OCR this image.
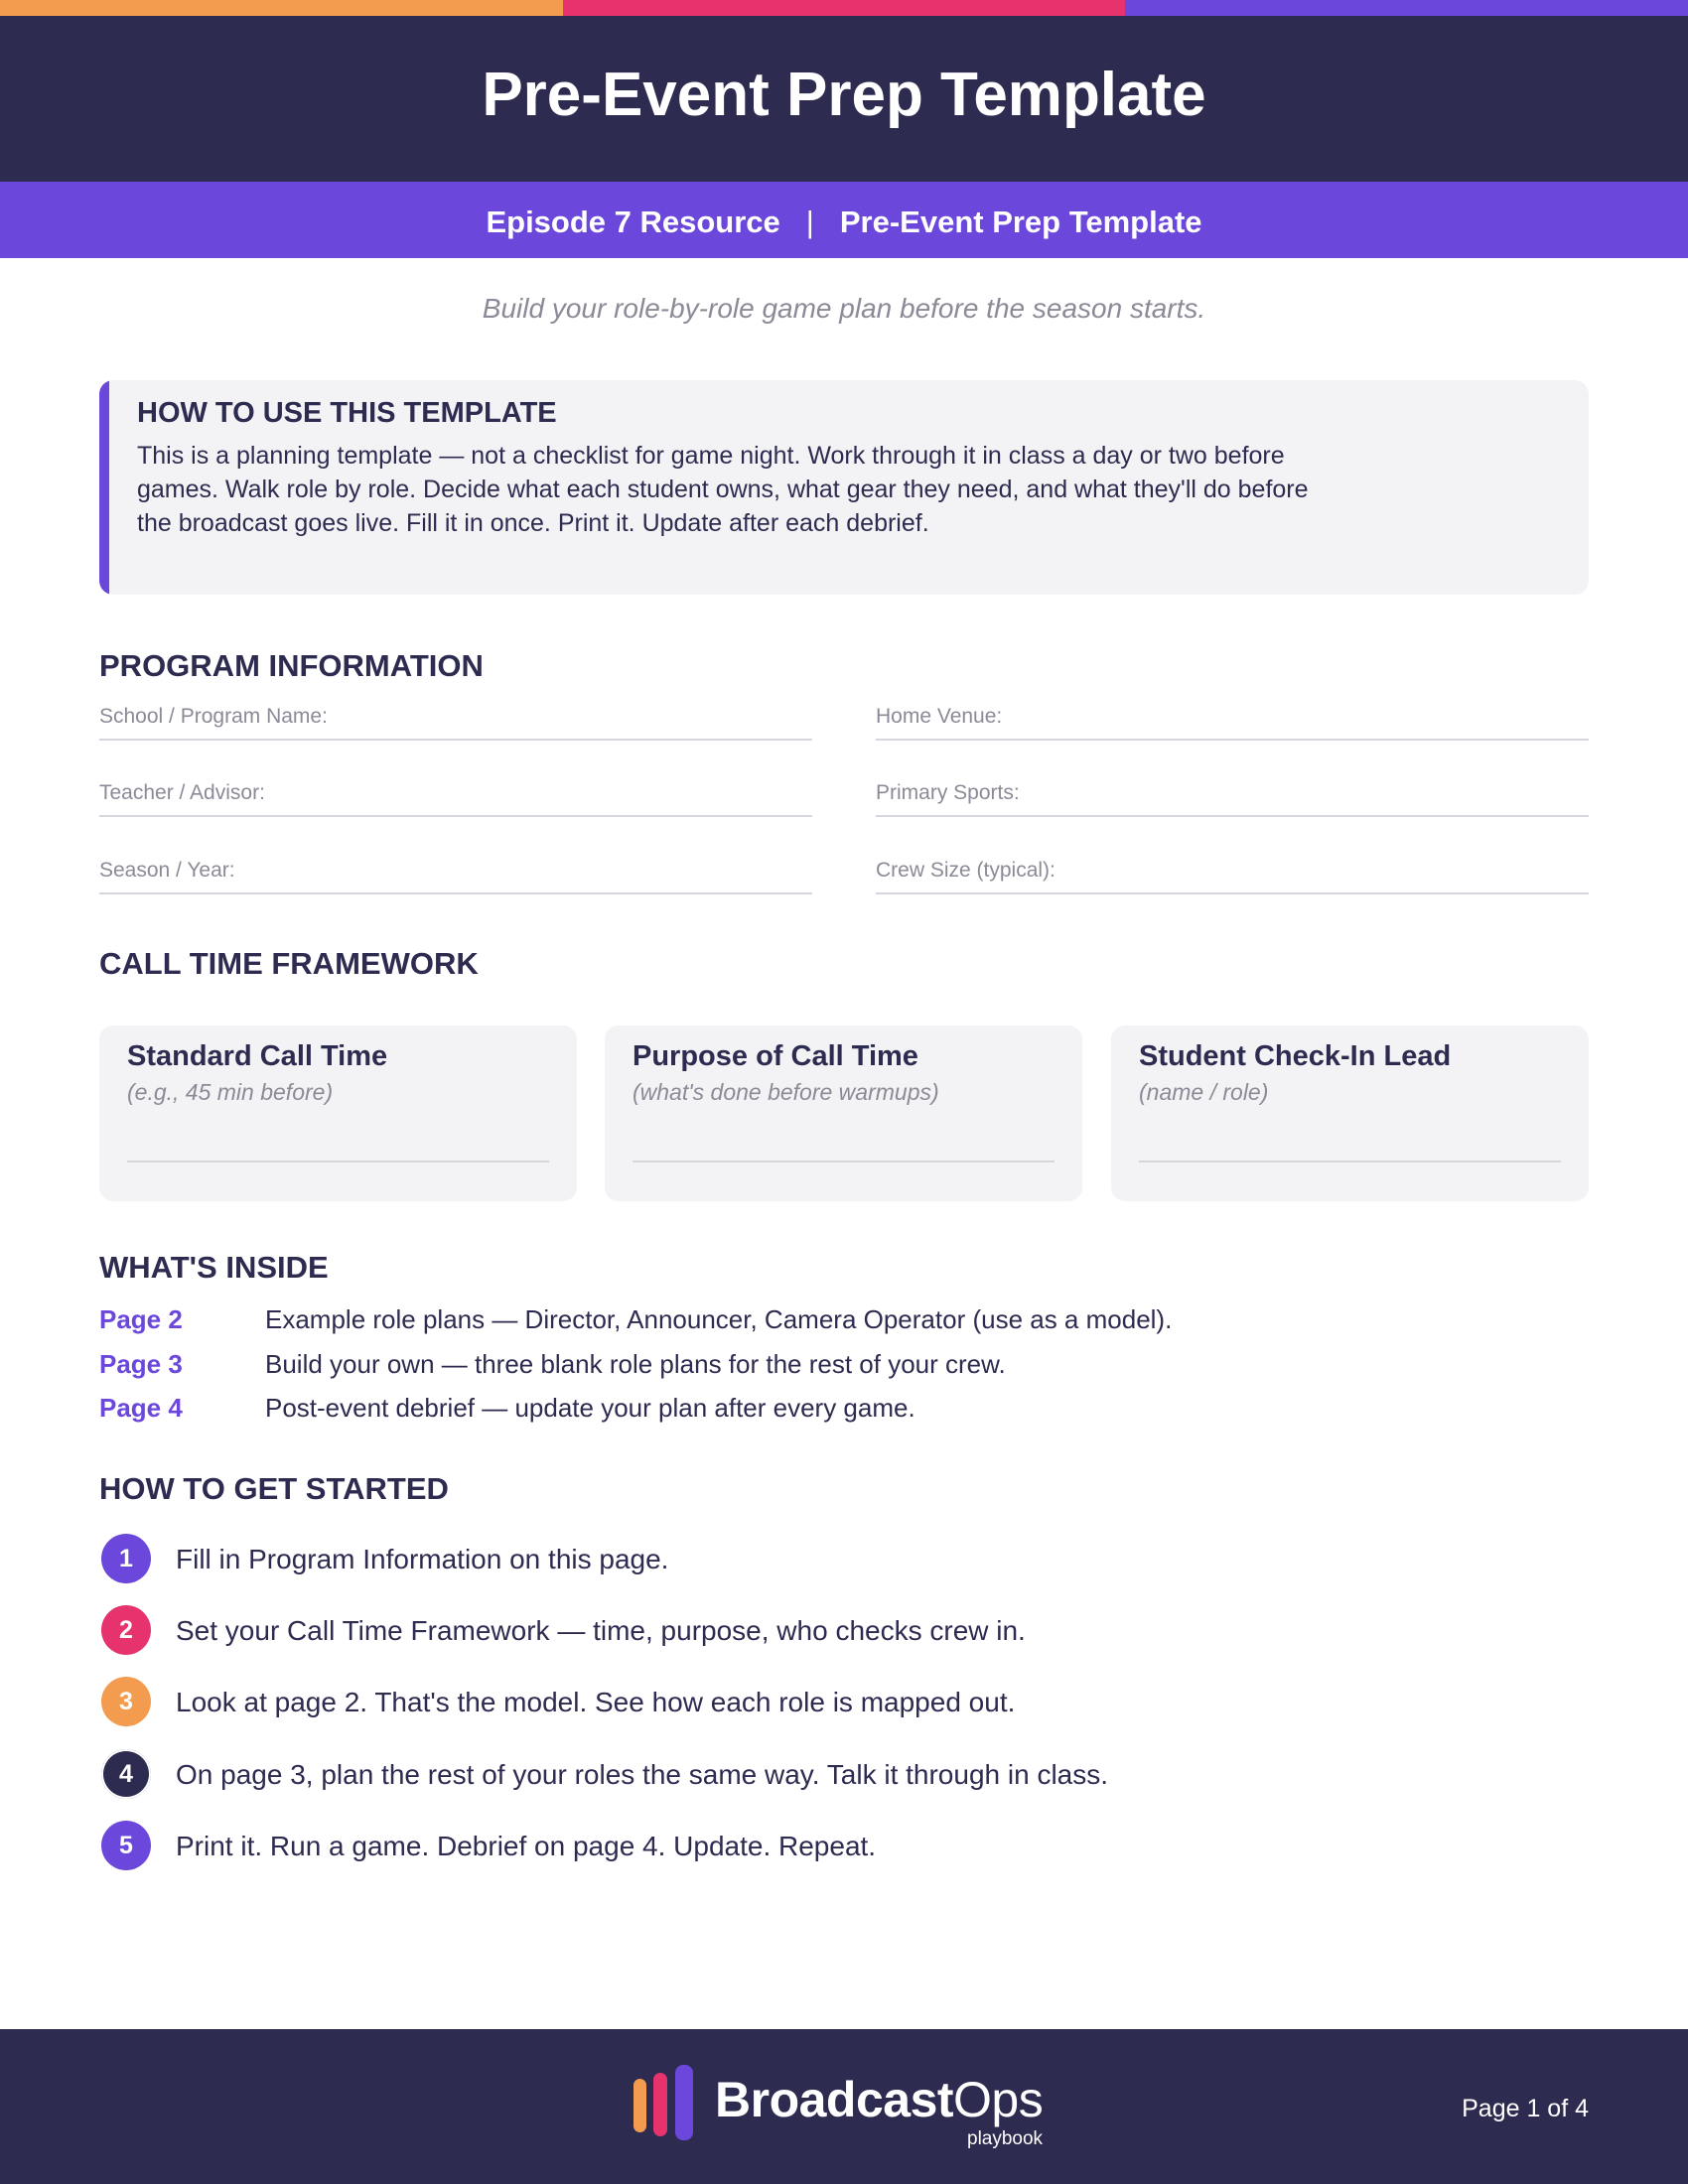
Pre-Event Prep Template
Episode 7 Resource | Pre-Event Prep Template
Build your role-by-role game plan before the season starts.
HOW TO USE THIS TEMPLATE

This is a planning template — not a checklist for game night. Work through it in class a day or two before games. Walk role by role. Decide what each student owns, what gear they need, and what they'll do before the broadcast goes live. Fill it in once. Print it. Update after each debrief.

PROGRAM INFORMATION
School / Program Name:	Home Venue:
Teacher / Advisor:	Primary Sports:
Season / Year:	Crew Size (typical):
CALL TIME FRAMEWORK
Standard Call Time
(e.g., 45 min before)
Purpose of Call Time
(what's done before warmups)
Student Check-In Lead
(name / role)
WHAT'S INSIDE
Page 2	Example role plans — Director, Announcer, Camera Operator (use as a model).
Page 3	Build your own — three blank role plans for the rest of your crew.
Page 4	Post-event debrief — update your plan after every game.
HOW TO GET STARTED
1	Fill in Program Information on this page.
2	Set your Call Time Framework — time, purpose, who checks crew in.
3	Look at page 2. That's the model. See how each role is mapped out.
4	On page 3, plan the rest of your roles the same way. Talk it through in class.
5	Print it. Run a game. Debrief on page 4. Update. Repeat.
BroadcastOps
playbook
Page 1 of 4
